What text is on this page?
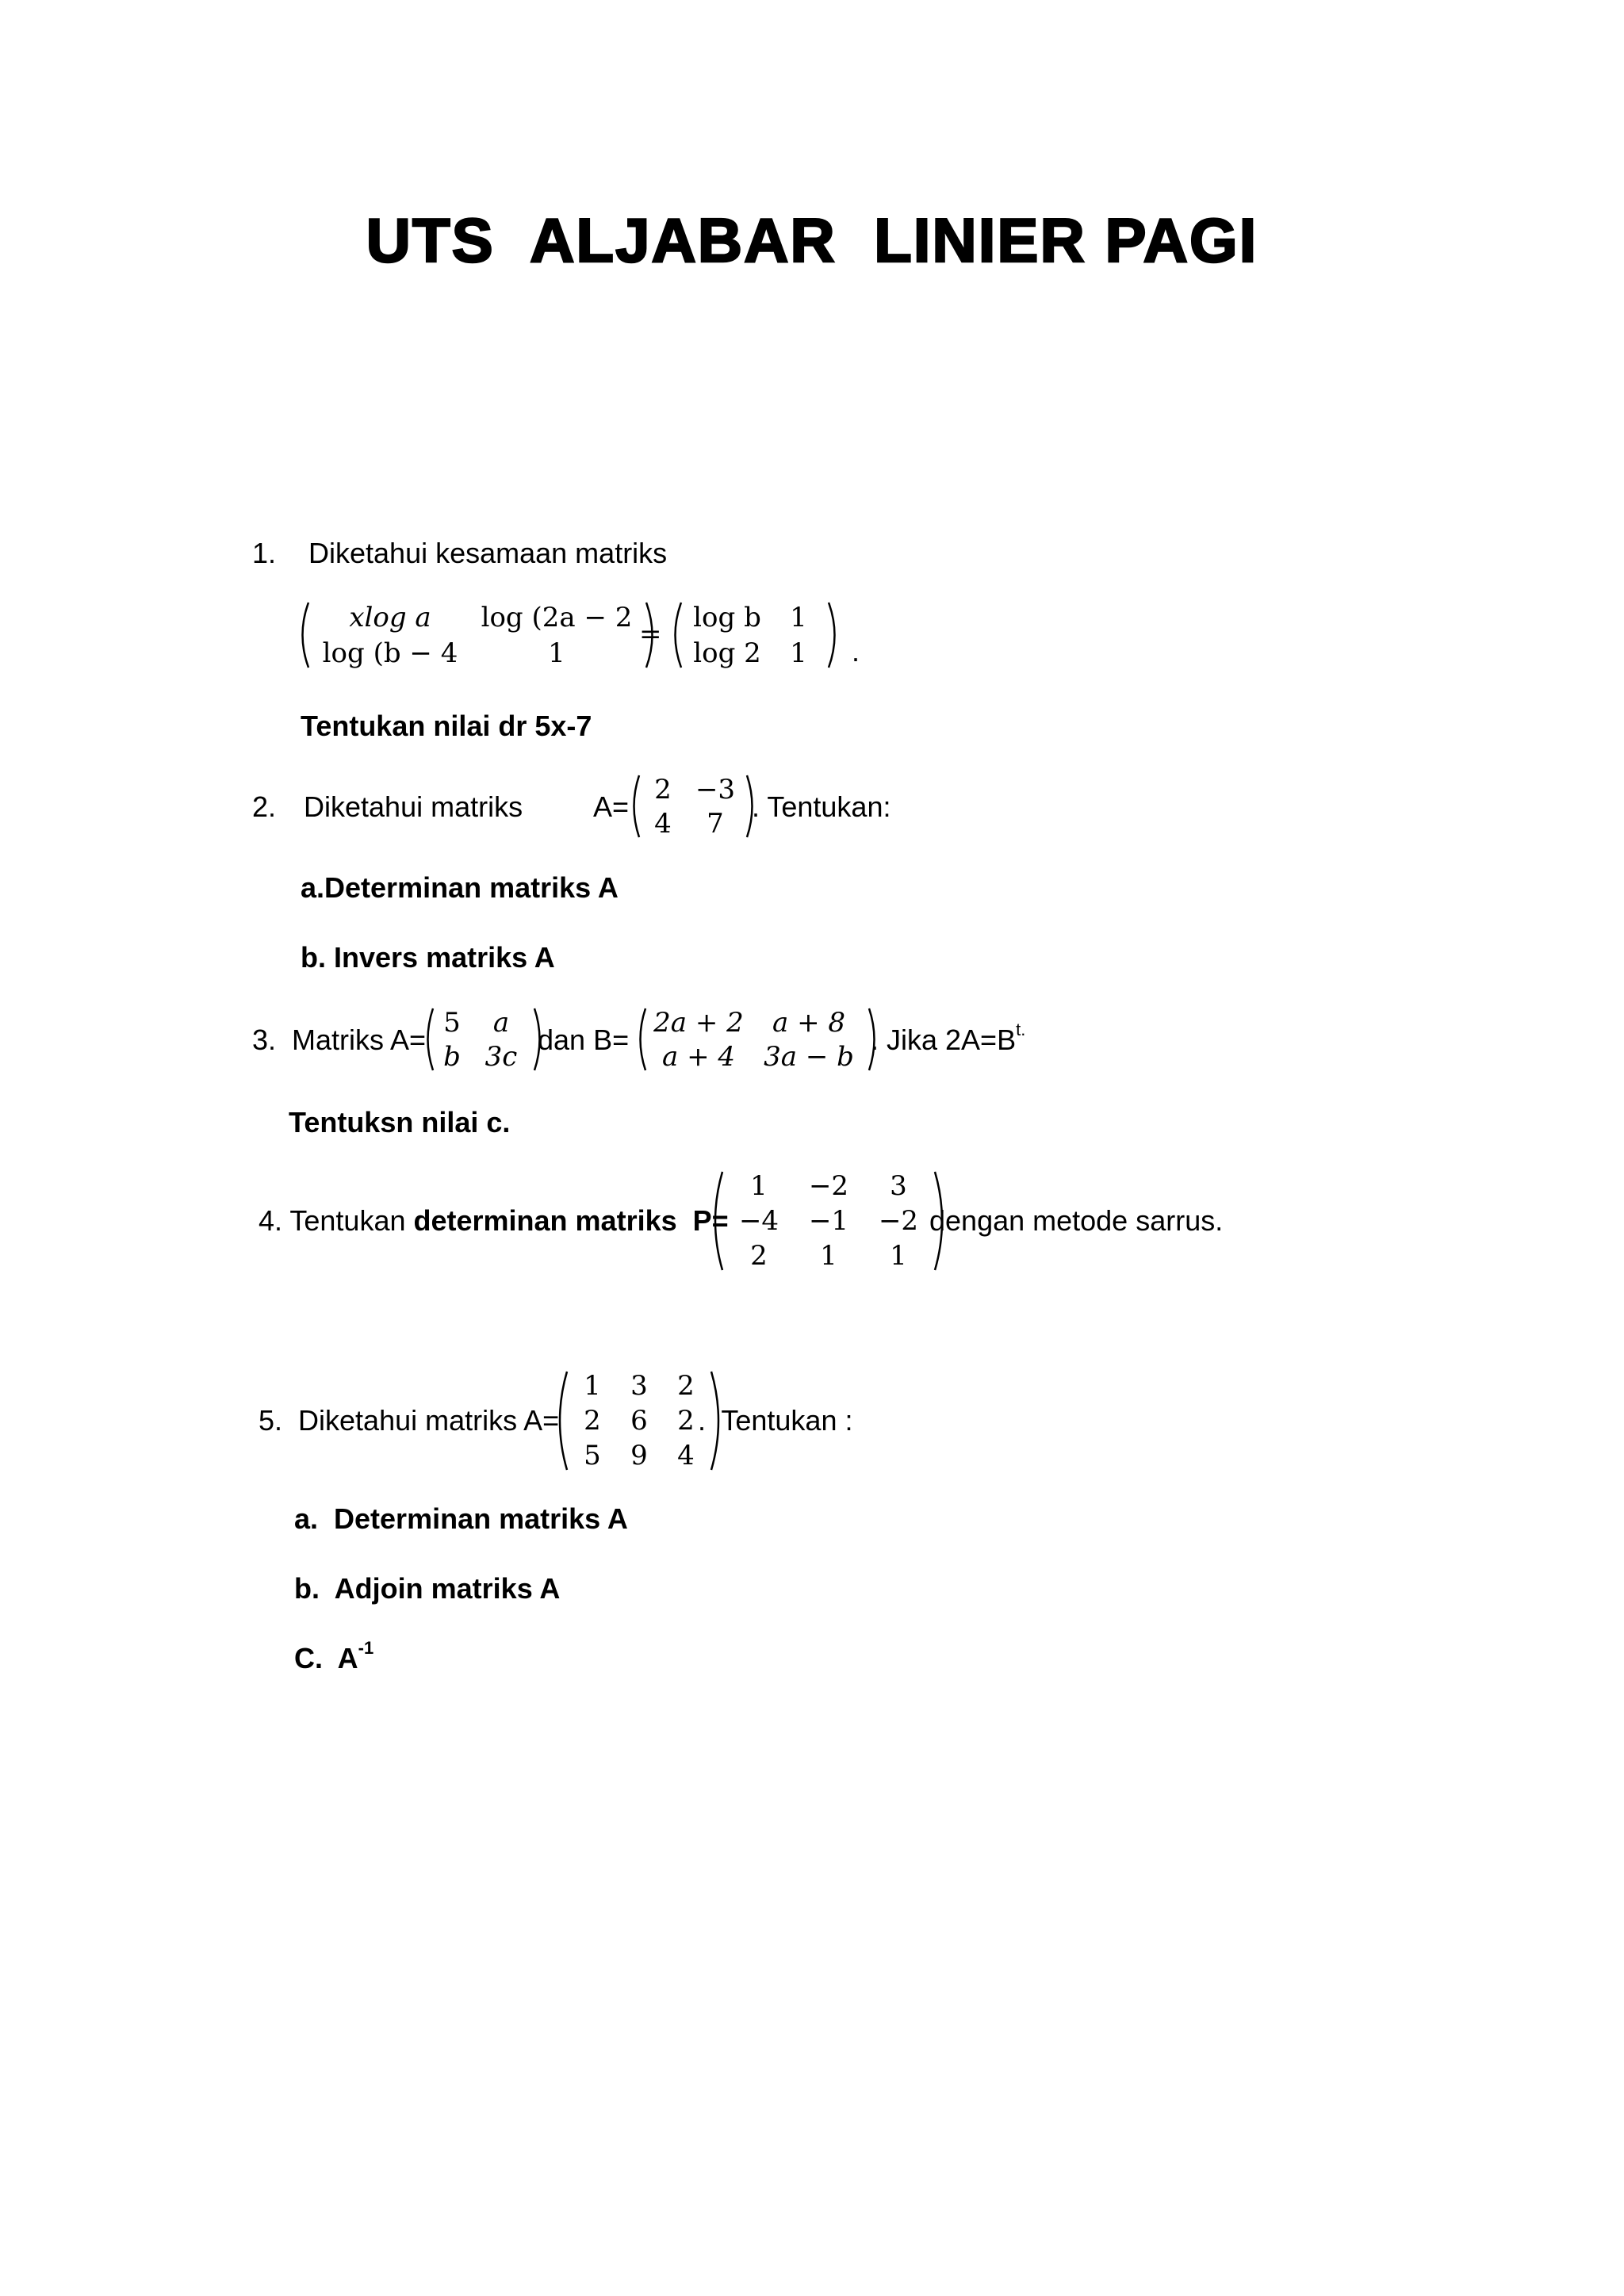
UTS  ALJABAR  LINIER PAGI
1. Diketahui kesamaan matriks
xlog a log (2a − 2
log (b − 4	1
=
log b 1
log 2 1 .
Tentukan nilai dr 5x-7
2. Diketahui matriks A=
2 −3
4 7
. Tentukan:
a.Determinan matriks A
b. Invers matriks A
3.  Matriks A=
5 a
b 3c
dan B=
2a + 2 a + 8
a + 4 3a − b
. Jika $2A=B^{t.}$
Tentuksn nilai c.
4. Tentukan determinan matriks  P=
1 −2 3
−4 −1 −2
2 1 1
dengan metode sarrus.
5.  Diketahui matriks A=
1 3 2
2 6 2
5 9 4
.  Tentukan :
a.  Determinan matriks A
b.  Adjoin matriks A
C.  $A^{-1}$
